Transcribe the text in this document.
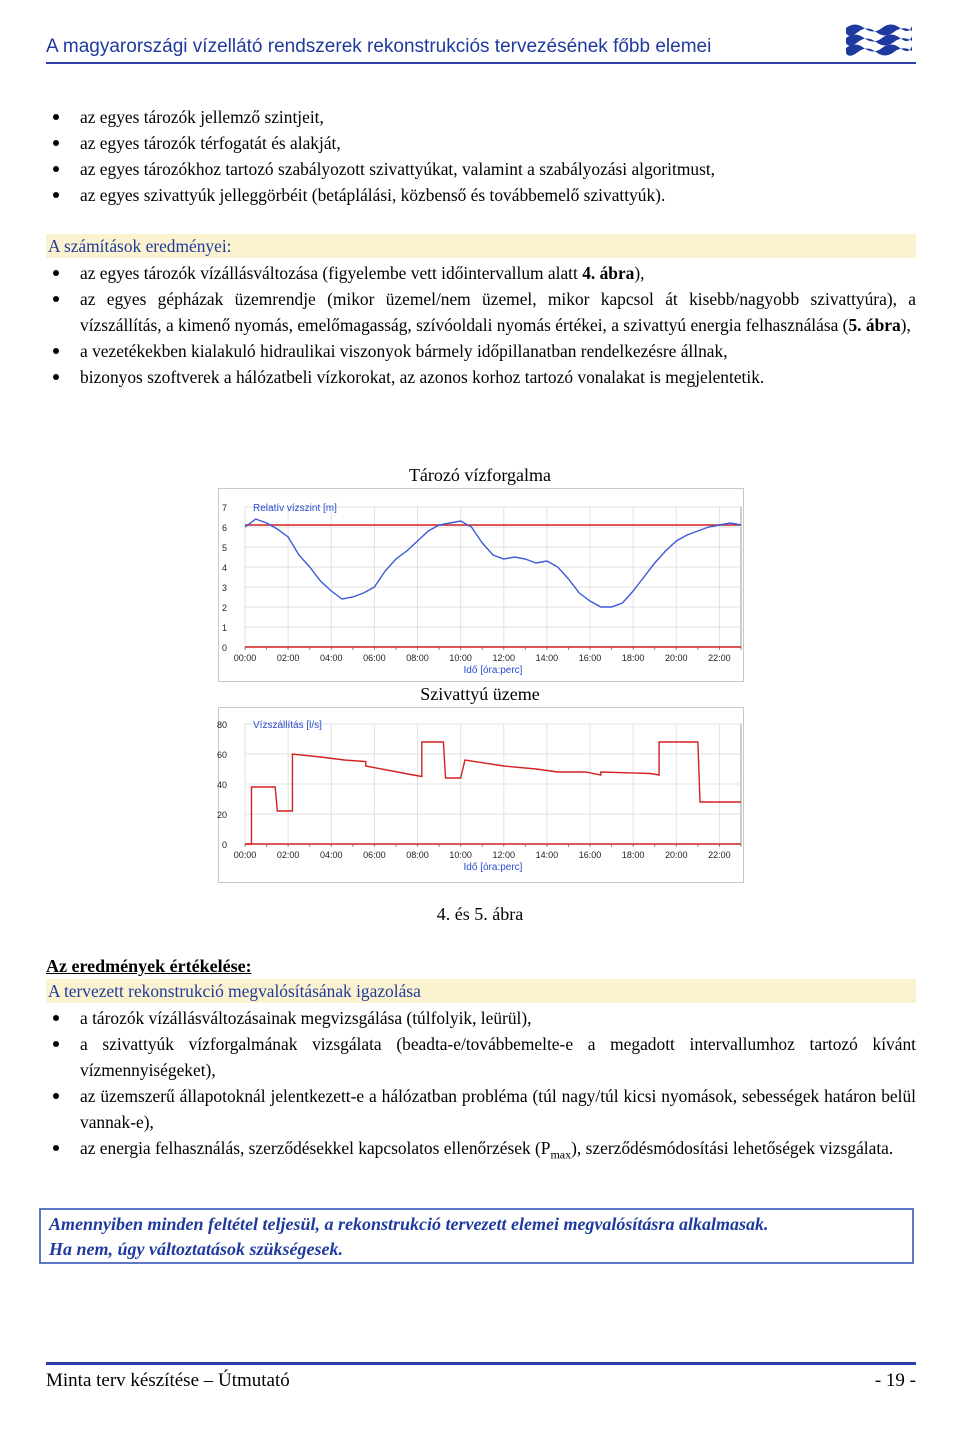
A magyarországi vízellátó rendszerek rekonstrukciós tervezésének főbb elemei
az egyes tározók jellemző szintjeit,
az egyes tározók térfogatát és alakját,
az egyes tározókhoz tartozó szabályozott szivattyúkat, valamint a szabályozási algoritmust,
az egyes szivattyúk jelleggörbéit (betáplálási, közbenső és továbbemelő szivattyúk).
A számítások eredményei:
az egyes tározók vízállásváltozása (figyelembe vett időintervallum alatt 4. ábra),
az egyes gépházak üzemrendje (mikor üzemel/nem üzemel, mikor kapcsol át kisebb/nagyobb szivattyúra), a vízszállítás, a kimenő nyomás, emelőmagasság, szívóoldali nyomás értékei, a szivattyú energia felhasználása (5. ábra),
a vezetékekben kialakuló hidraulikai viszonyok bármely időpillanatban rendelkezésre állnak,
bizonyos szoftverek a hálózatbeli vízkorokat, az azonos korhoz tartozó vonalakat is megjelentetik.
Tározó vízforgalma
0
1
2
3
4
5
6
7
00:00 02:00 04:00 06:00 08:00 10:00 12:00 14:00 16:00 18:00 20:00 22:00
Relatív vízszint [m]
Idő [óra:perc]
Szivattyú üzeme
0
20
40
60
80
00:00 02:00 04:00 06:00 08:00 10:00 12:00 14:00 16:00 18:00 20:00 22:00
Vízszállítás [l/s]
Idő [óra:perc]
4. és 5. ábra
Az eredmények értékelése:
A tervezett rekonstrukció megvalósításának igazolása
a tározók vízállásváltozásainak megvizsgálása (túlfolyik, leürül),
a szivattyúk vízforgalmának vizsgálata (beadta-e/továbbemelte-e a megadott intervallumhoz tartozó kívánt vízmennyiségeket),
az üzemszerű állapotoknál jelentkezett-e a hálózatban probléma (túl nagy/túl kicsi nyomások, sebességek határon belül vannak-e),
az energia felhasználás, szerződésekkel kapcsolatos ellenőrzések $(P_{max})$, szerződésmódosítási lehetőségek vizsgálata.
Amennyiben minden feltétel teljesül, a rekonstrukció tervezett elemei megvalósításra alkalmasak.
Ha nem, úgy változtatások szükségesek.
Minta terv készítése – Útmutató	- 19 -
